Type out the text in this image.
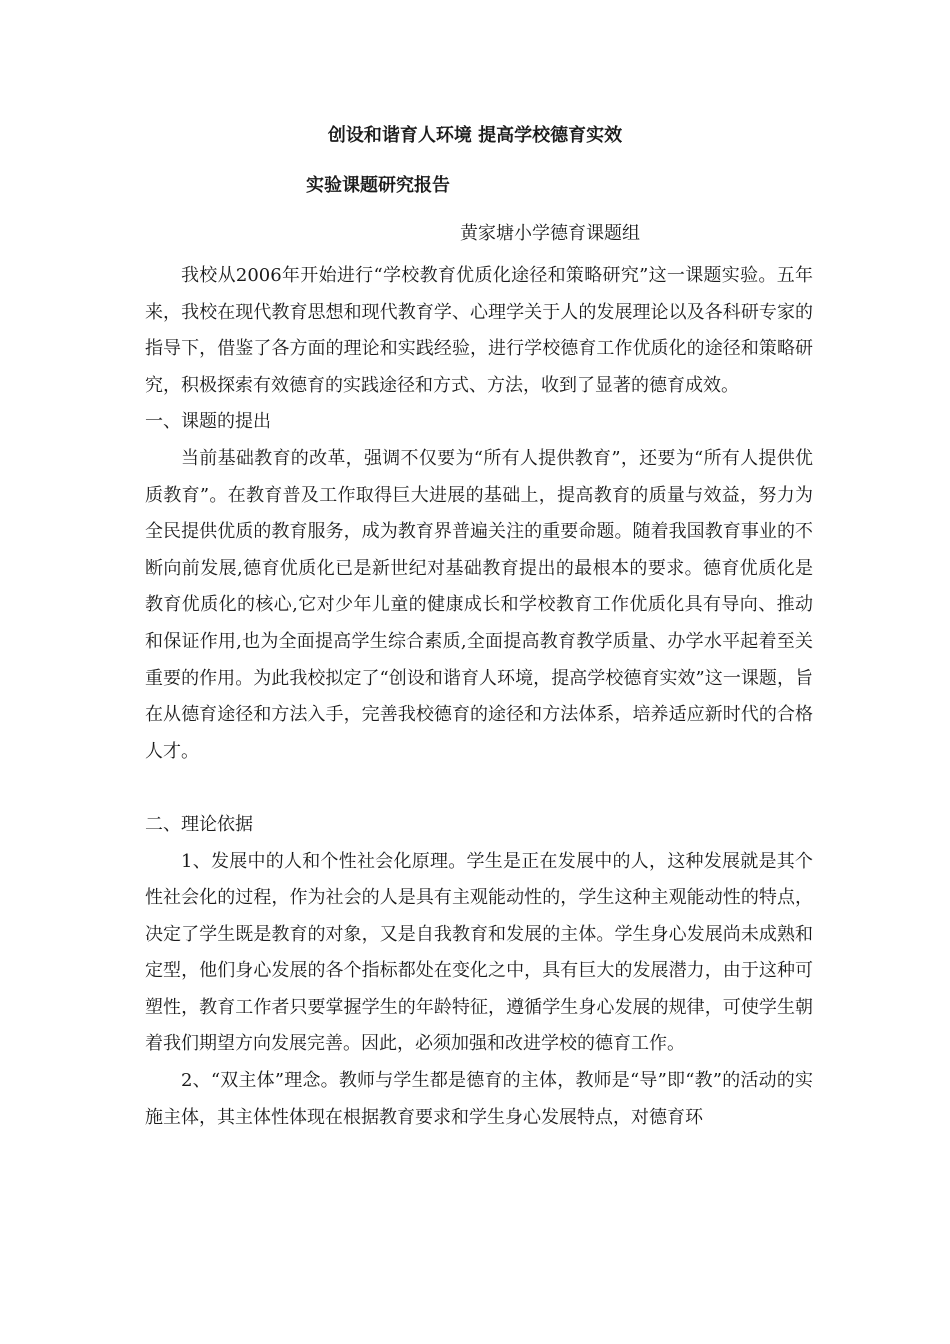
创设和谐育人环境 提高学校德育实效
实验课题研究报告
黄家塘小学德育课题组

我校从2006年开始进行“学校教育优质化途径和策略研究”这一课题实验。五年来，我校在现代教育思想和现代教育学、心理学关于人的发展理论以及各科研专家的指导下，借鉴了各方面的理论和实践经验，进行学校德育工作优质化的途径和策略研究，积极探索有效德育的实践途径和方式、方法，收到了显著的德育成效。

一、课题的提出

当前基础教育的改革，强调不仅要为“所有人提供教育”，还要为“所有人提供优质教育”。在教育普及工作取得巨大进展的基础上，提高教育的质量与效益，努力为全民提供优质的教育服务，成为教育界普遍关注的重要命题。随着我国教育事业的不断向前发展,德育优质化已是新世纪对基础教育提出的最根本的要求。德育优质化是教育优质化的核心,它对少年儿童的健康成长和学校教育工作优质化具有导向、推动和保证作用,也为全面提高学生综合素质,全面提高教育教学质量、办学水平起着至关重要的作用。为此我校拟定了“创设和谐育人环境，提高学校德育实效”这一课题，旨在从德育途径和方法入手，完善我校德育的途径和方法体系，培养适应新时代的合格人才。

二、理论依据

1、发展中的人和个性社会化原理。学生是正在发展中的人，这种发展就是其个性社会化的过程，作为社会的人是具有主观能动性的，学生这种主观能动性的特点，决定了学生既是教育的对象，又是自我教育和发展的主体。学生身心发展尚未成熟和定型，他们身心发展的各个指标都处在变化之中，具有巨大的发展潜力，由于这种可塑性，教育工作者只要掌握学生的年龄特征，遵循学生身心发展的规律，可使学生朝着我们期望方向发展完善。因此，必须加强和改进学校的德育工作。

2、“双主体”理念。教师与学生都是德育的主体，教师是“导”即“教”的活动的实施主体，其主体性体现在根据教育要求和学生身心发展特点，对德育环
